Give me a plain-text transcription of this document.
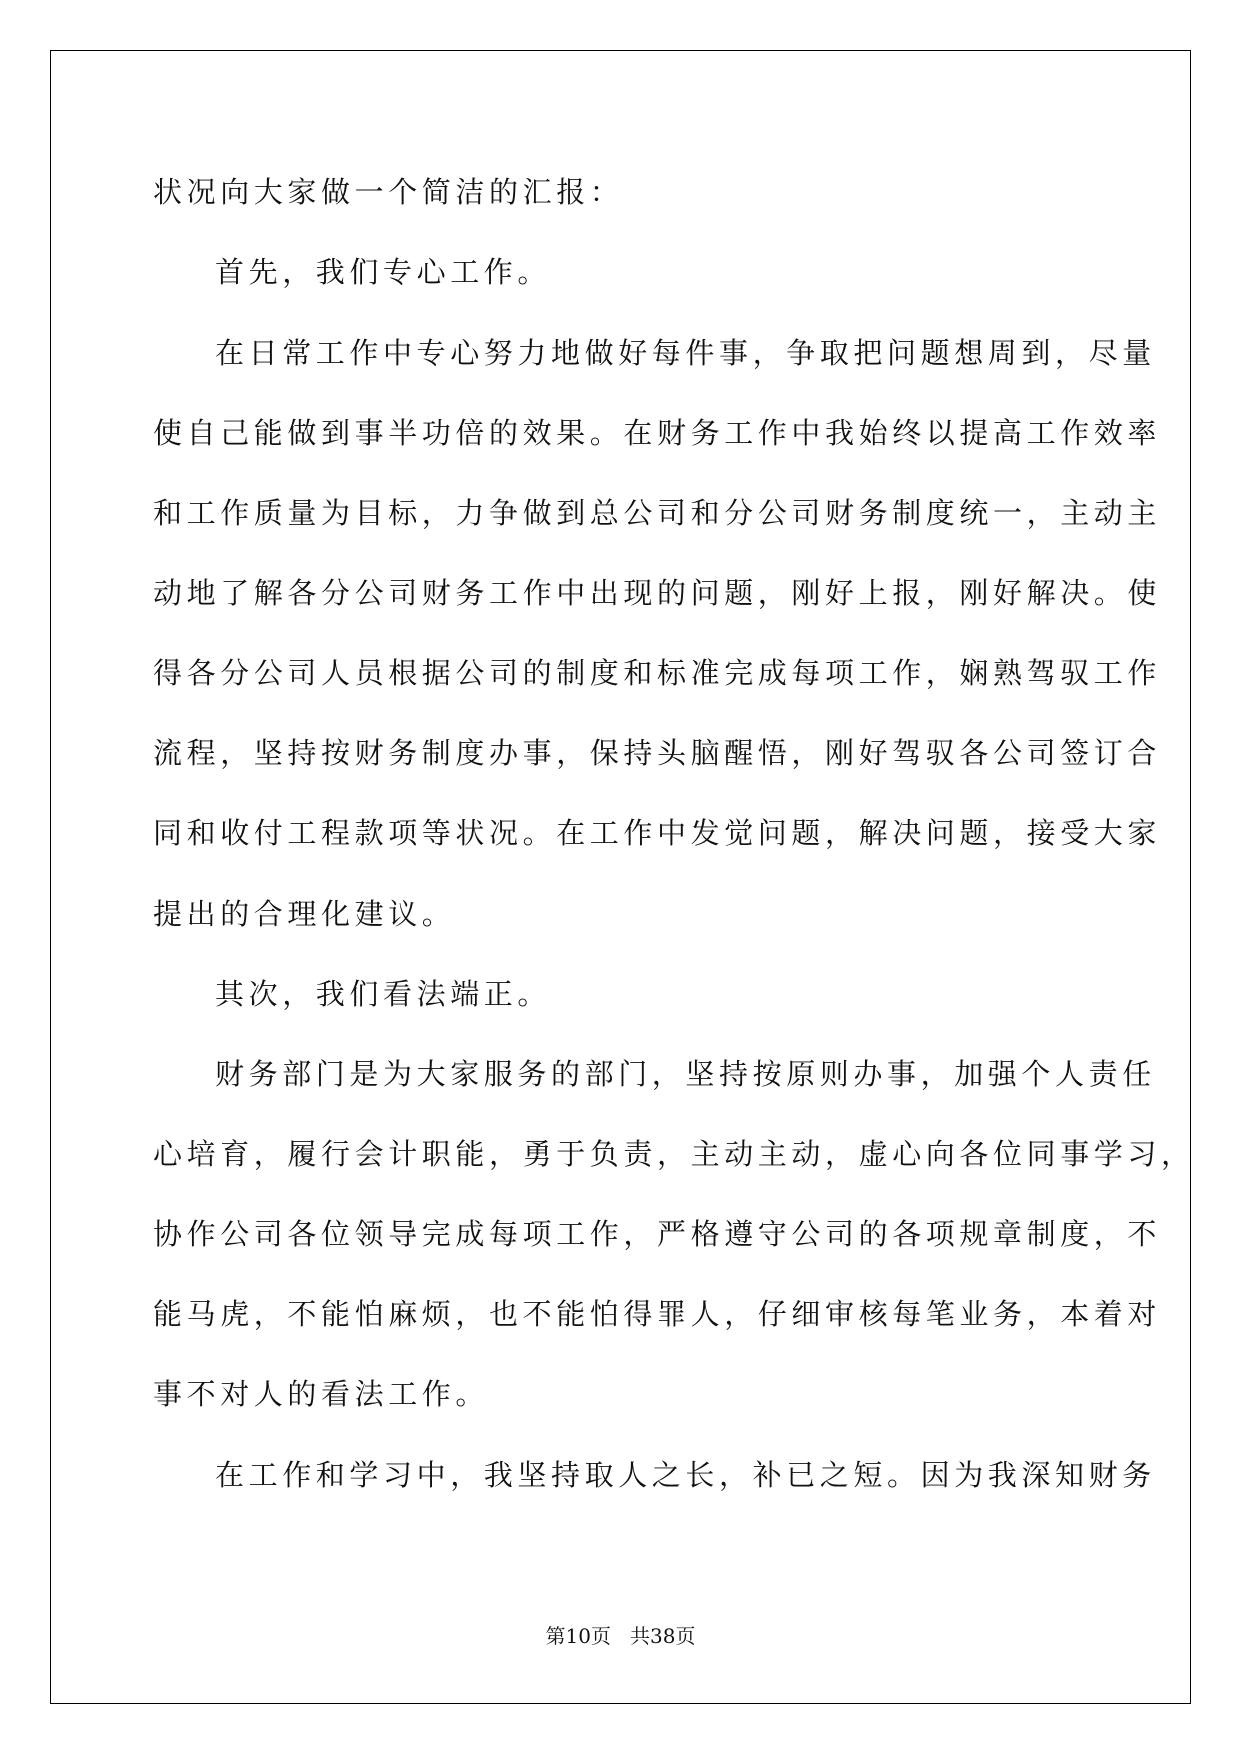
状况向大家做一个简洁的汇报：

首先，我们专心工作。

在日常工作中专心努力地做好每件事，争取把问题想周到，尽量

使自己能做到事半功倍的效果。在财务工作中我始终以提高工作效率

和工作质量为目标，力争做到总公司和分公司财务制度统一，主动主

动地了解各分公司财务工作中出现的问题，刚好上报，刚好解决。使

得各分公司人员根据公司的制度和标准完成每项工作，娴熟驾驭工作

流程，坚持按财务制度办事，保持头脑醒悟，刚好驾驭各公司签订合

同和收付工程款项等状况。在工作中发觉问题，解决问题，接受大家

提出的合理化建议。

其次，我们看法端正。

财务部门是为大家服务的部门，坚持按原则办事，加强个人责任

心培育，履行会计职能，勇于负责，主动主动，虚心向各位同事学习，

协作公司各位领导完成每项工作，严格遵守公司的各项规章制度，不

能马虎，不能怕麻烦，也不能怕得罪人，仔细审核每笔业务，本着对

事不对人的看法工作。

在工作和学习中，我坚持取人之长，补已之短。因为我深知财务

第10页 共38页
